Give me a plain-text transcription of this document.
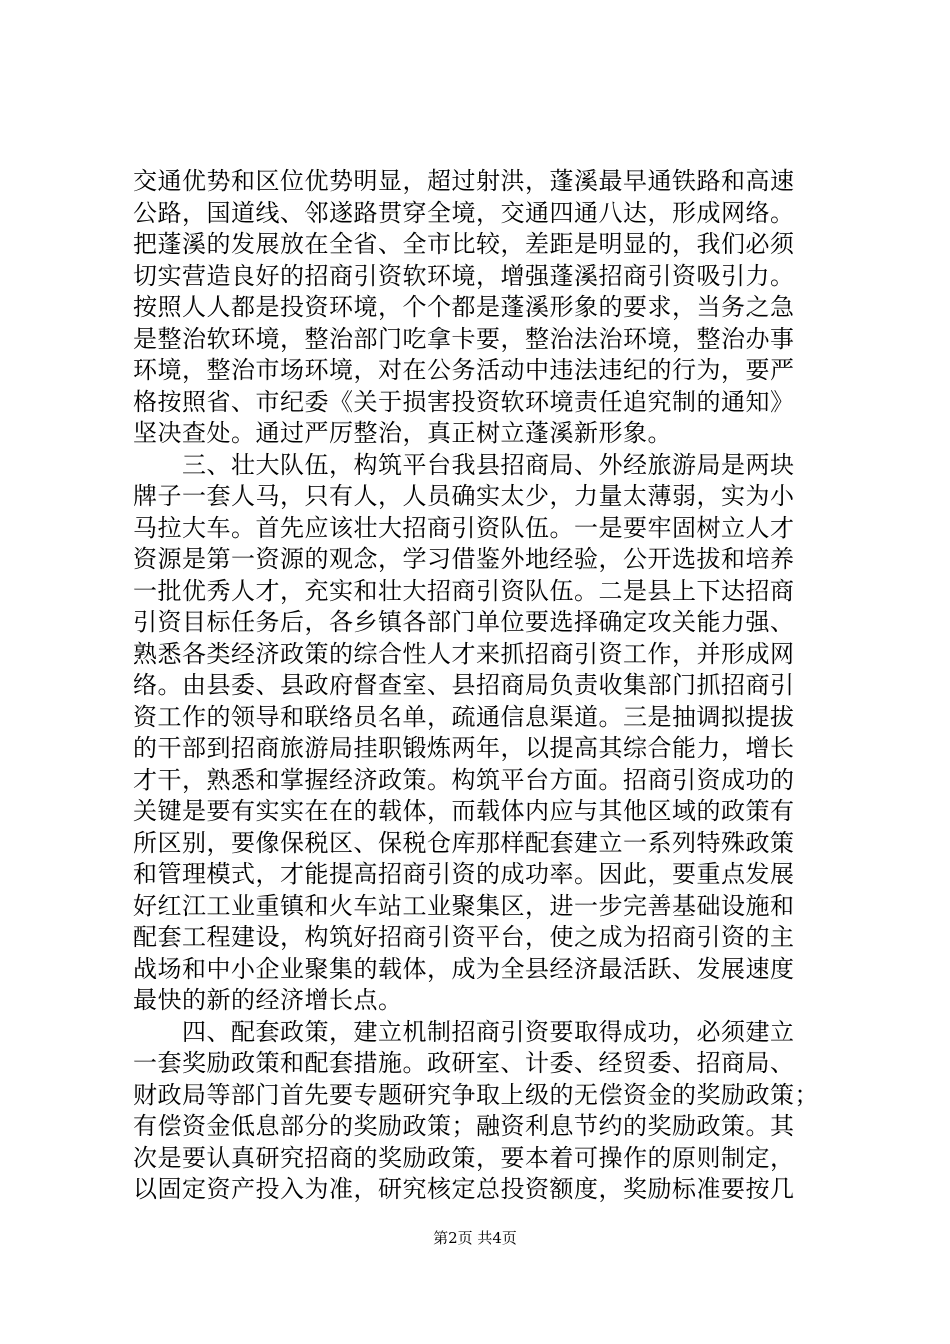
交通优势和区位优势明显，超过射洪，蓬溪最早通铁路和高速
公路，国道线、邻遂路贯穿全境，交通四通八达，形成网络。
把蓬溪的发展放在全省、全市比较，差距是明显的，我们必须
切实营造良好的招商引资软环境，增强蓬溪招商引资吸引力。
按照人人都是投资环境，个个都是蓬溪形象的要求，当务之急
是整治软环境，整治部门吃拿卡要，整治法治环境，整治办事
环境，整治市场环境，对在公务活动中违法违纪的行为，要严
格按照省、市纪委《关于损害投资软环境责任追究制的通知》
坚决查处。通过严厉整治，真正树立蓬溪新形象。
　　三、壮大队伍，构筑平台我县招商局、外经旅游局是两块
牌子一套人马，只有人，人员确实太少，力量太薄弱，实为小
马拉大车。首先应该壮大招商引资队伍。一是要牢固树立人才
资源是第一资源的观念，学习借鉴外地经验，公开选拔和培养
一批优秀人才，充实和壮大招商引资队伍。二是县上下达招商
引资目标任务后，各乡镇各部门单位要选择确定攻关能力强、
熟悉各类经济政策的综合性人才来抓招商引资工作，并形成网
络。由县委、县政府督查室、县招商局负责收集部门抓招商引
资工作的领导和联络员名单，疏通信息渠道。三是抽调拟提拔
的干部到招商旅游局挂职锻炼两年，以提高其综合能力，增长
才干，熟悉和掌握经济政策。构筑平台方面。招商引资成功的
关键是要有实实在在的载体，而载体内应与其他区域的政策有
所区别，要像保税区、保税仓库那样配套建立一系列特殊政策
和管理模式，才能提高招商引资的成功率。因此，要重点发展
好红江工业重镇和火车站工业聚集区，进一步完善基础设施和
配套工程建设，构筑好招商引资平台，使之成为招商引资的主
战场和中小企业聚集的载体，成为全县经济最活跃、发展速度
最快的新的经济增长点。
　　四、配套政策，建立机制招商引资要取得成功，必须建立
一套奖励政策和配套措施。政研室、计委、经贸委、招商局、
财政局等部门首先要专题研究争取上级的无偿资金的奖励政策；
有偿资金低息部分的奖励政策；融资利息节约的奖励政策。其
次是要认真研究招商的奖励政策，要本着可操作的原则制定，
以固定资产投入为准，研究核定总投资额度，奖励标准要按几
第2页 共4页
